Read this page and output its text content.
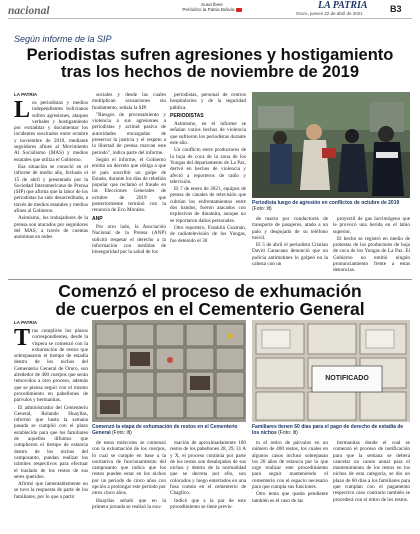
nacional
Suscríbete
Periódico la Patria Bolivia	LA PATRIA
Oruro, jueves 22 de abril de 2021	B3
Según informe de la SIP
Periodistas sufren agresiones y hostigamiento
tras los hechos de noviembre de 2019
LA PATRIA
L os periodistas y medios independientes bolivianos sufren agresiones, ataques verbales y hostigamiento por extraditar y documentar los incidentes suscitados entre octubre y noviembre de 2019, mediante seguidores afines al Movimiento Al Socialismo (MAS) y medios estatales que utiliza el Gobierno.

Esa situación se conoció en el informe de medio año, fechado el 15 de abril y presentado por la Sociedad Interamericana de Prensa (SIP) que afirma que la labor de los periodistas ha sido desacreditada, a través de medios estatales y medios afines al Gobierno.

Asimismo, los trabajadores de la prensa son atacados por seguidores del MAS, a través de cuentas anónimas en redes

sociales y desde las cuales multiplican acusaciones sin fundamento, señala la SIP.

"Riesgos de procesamiento y violencia a sus agresiones a periodistas y actitud pasiva de autoridades encargadas de preservar la justicia y el respeto a la libertad de prensa marcan este periodo", indica parte del informe.

Según el informe, el Gobierno emitió un decreto que obliga a que el país suscribir un golpe de Estado, durante los días de rebelión popular que reclamó el fraude en las Elecciones Generales de octubre de 2019 que posteriormente terminó con la renuncia de Evo Morales.

ANP

Por otro lado, la Asociación Nacional de la Prensa (ANP) solicitó respetar el derecho a la información con medidas de bioseguridad por la salud de los

periodistas, personal de centros hospitalarios y de la seguridad pública.

PERIODISTAS

Asimismo, en el informe se señalan varios hechos de violencia que sufrieron los periodistas durante este año.

Un conflicto entre productores de la hoja de coca de la zona de los Yungas del departamento de La Paz, derivó en hechos de violencia y afectó a reporteros de radio y televisión.

El 7 de enero de 2021, equipos de prensa de canales de televisión que cubrían los enfrentamientos entre dos bandos, fueron atacados con explosivos de dinamita, aunque no se reportaron daños personales.

Otro reportero, Franklin Guzmán, de radiotelevisión de los Yungas, fue detenido el 30

Periodista luego de agresión en conflictos de octubre de 2019 (Foto: ilt)

de marzo por conductores de transporte de pasajeros, atado a un palo y despojado de su teléfono móvil.

El 5 de abril el periodista Cristian David Canacana denunció que un policía antimotines lo golpeó en la cabeza con un

proyectil de gas lacrimógeno que le provocó una herida en el labio superior.

El hecho se registró en medio de protestas de los productores de hoja de coca de los Yungas de La Paz. El Gobierno no emitió ningún pronunciamiento frente a estas denuncias.

Comenzó el proceso de exhumación
de cuerpos en el Cementerio General
LA PATRIA
T ras cumplirse los plazos correspondientes, desde la víspera se comenzó con la exhumación de restos que sobrepasaron el tiempo de estadía dentro de los nichos del Cementerio General de Oruro, son alrededor de 400 cuerpos que serán removidos a otro proceso, además que se piensa seguir con el mismo procedimiento en pabellones de párvulos y hermanitas.

El administrador del Cementerio General, Rolando Huayllas, informó que hasta la semana pasada se cumplió con el plazo establecido para que los familiares de aquellos difuntos que cumplieron el tiempo de estancia dentro de los nichos del camposanto, puedan realizar los trámites respectivos para efectuar el traslado de los restos de sus seres queridos.

Afirmó que lamentablemente no se tuvo la respuesta de parte de los familiares, por lo que a partir

Comenzó la etapa de exhumación de restos en el Cementerio General (Foto: ilt)
NOTIFICADO
Familiares tienen 60 días para el pago de derecho de estadía de los nichos (Foto: ilt)

de estos miércoles se comenzó con la exhumación de los cuerpos, lo cual se cumple en base a la normativa de funcionamiento del camposanto que indica que los restos pueden estar en los nichos por un periodo de cinco años con opción a prolongar este periodo por otros cinco años.

Huayllas señaló que en la primera jornada se realizó la exu-

mación de aproximadamente 100 restos de los pabellones 28, 29, 31 A y X, el proceso continúa por parte de los restos son desalojados de sus nichos y dentro de la normalidad que se decreta por ello, son colocados y luego enterrados en una fosa común en el cementerio de Chagllco.

Indicó que a la par de este procedimiento se tiene previs-

to el retiro de párvulos en un número de 400 restos, los cuales en algunos casos incluso sobrepasan los 20 años de estancia por lo que urge realizar este procedimiento para seguir manteniendo el cementerio con el espacio necesario para que cumpla sus funciones.

Otro tema que queda pendiente también es el caso de las

hermanitas donde el cual se comenzó el proceso de notificación para que la semana se deberá cancelar un canon anual para el mantenimiento de los restos en los nichos de esta categoría, se dio un plazo de 60 días a los familiares para que cumplan con el pagamento respectivo caso contrario también se procederá con el retiro de los restos.
